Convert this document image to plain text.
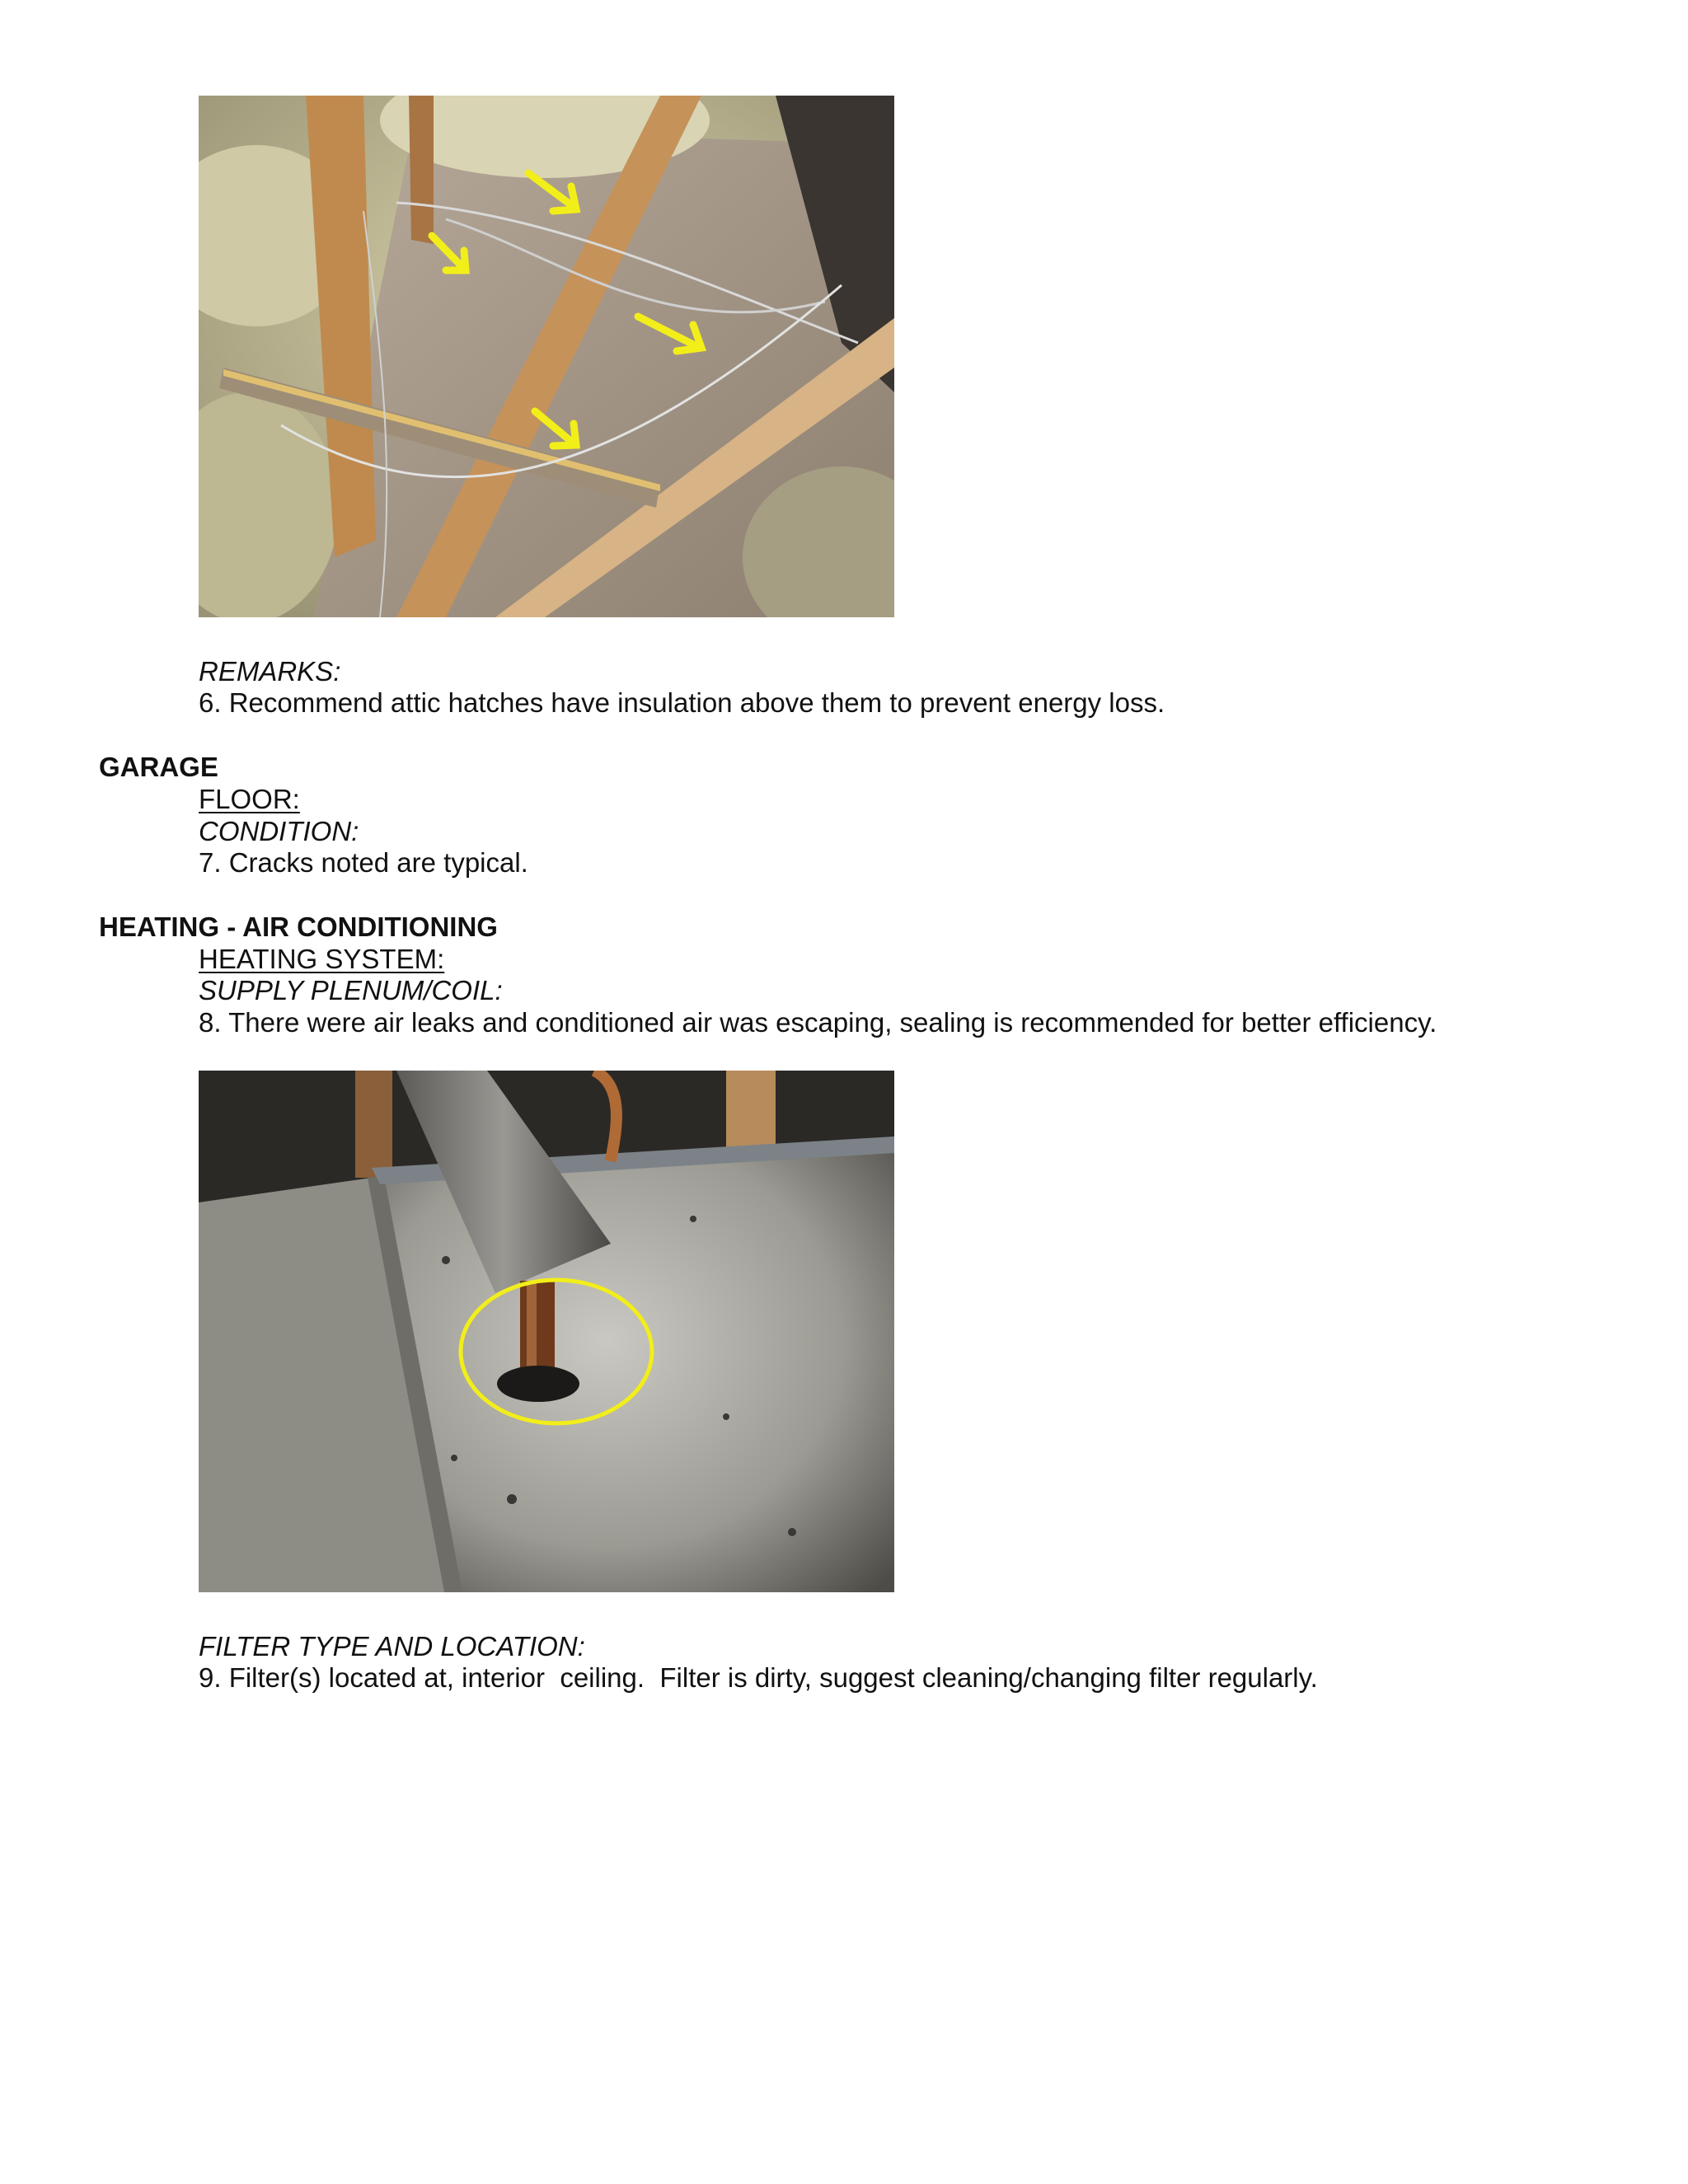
REMARKS:
6. Recommend attic hatches have insulation above them to prevent energy loss.
GARAGE
FLOOR:
CONDITION:
7. Cracks noted are typical.
HEATING - AIR CONDITIONING
HEATING SYSTEM:
SUPPLY PLENUM/COIL:
8. There were air leaks and conditioned air was escaping, sealing is recommended for better efficiency.
FILTER TYPE AND LOCATION:
9. Filter(s) located at, interior  ceiling.  Filter is dirty, suggest cleaning/changing filter regularly.
